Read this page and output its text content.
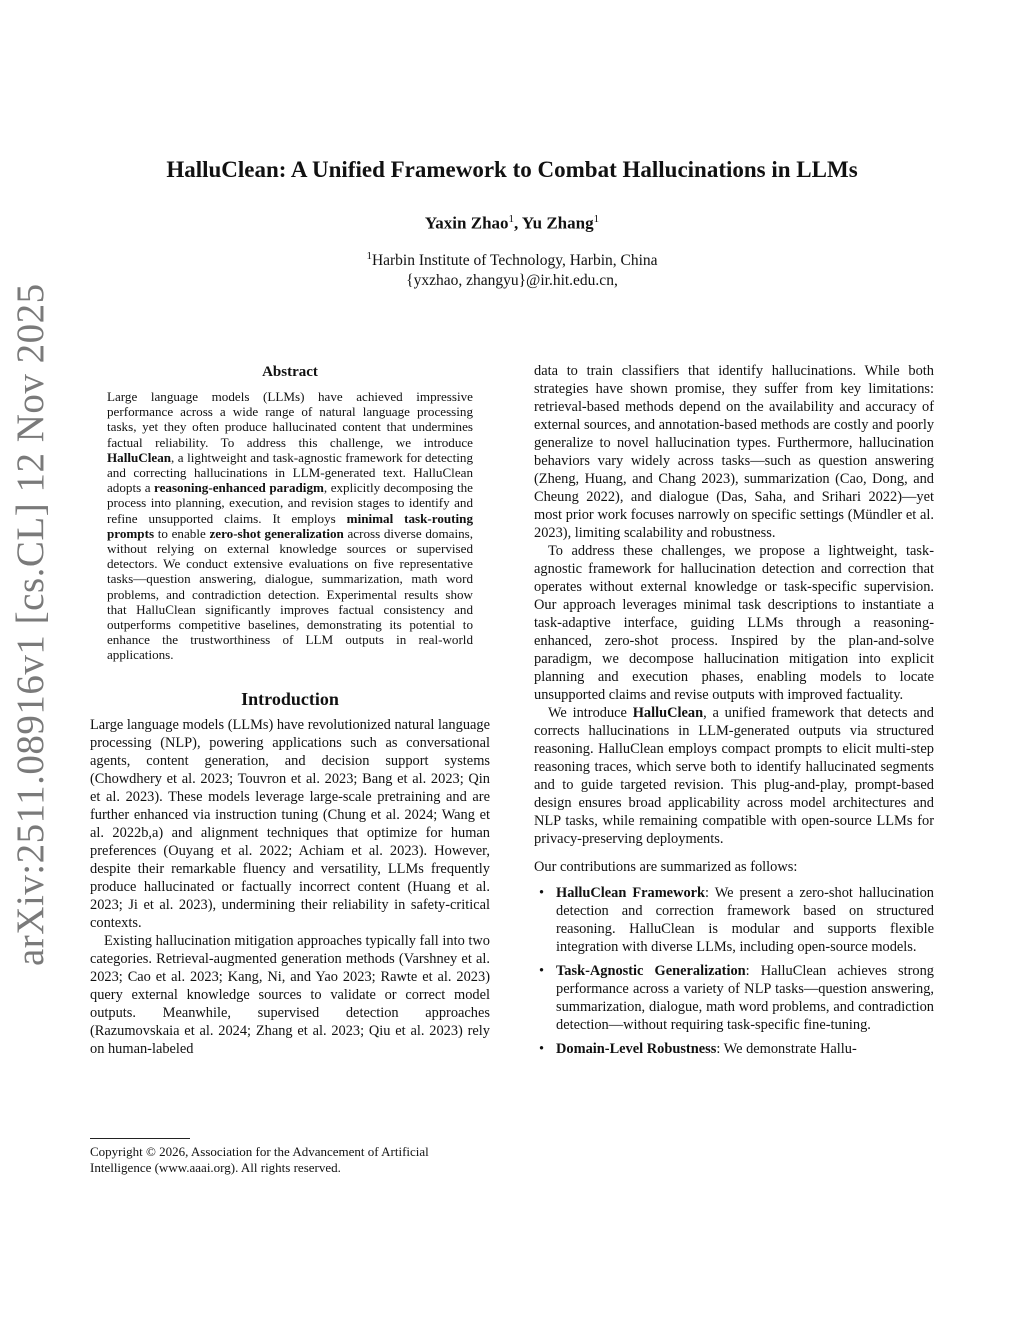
arXiv:2511.08916v1 [cs.CL] 12 Nov 2025
HalluClean: A Unified Framework to Combat Hallucinations in LLMs
Yaxin Zhao$^1$, Yu Zhang$^1$
$^1$Harbin Institute of Technology, Harbin, China
{yxzhao, zhangyu}@ir.hit.edu.cn,
Abstract

Large language models (LLMs) have achieved impressive performance across a wide range of natural language processing tasks, yet they often produce hallucinated content that undermines factual reliability. To address this challenge, we introduce HalluClean, a lightweight and task-agnostic framework for detecting and correcting hallucinations in LLM-generated text. HalluClean adopts a reasoning-enhanced paradigm, explicitly decomposing the process into planning, execution, and revision stages to identify and refine unsupported claims. It employs minimal task-routing prompts to enable zero-shot generalization across diverse domains, without relying on external knowledge sources or supervised detectors. We conduct extensive evaluations on five representative tasks—question answering, dialogue, summarization, math word problems, and contradiction detection. Experimental results show that HalluClean significantly improves factual consistency and outperforms competitive baselines, demonstrating its potential to enhance the trustworthiness of LLM outputs in real-world applications.

Introduction

Large language models (LLMs) have revolutionized natural language processing (NLP), powering applications such as conversational agents, content generation, and decision support systems (Chowdhery et al. 2023; Touvron et al. 2023; Bang et al. 2023; Qin et al. 2023). These models leverage large-scale pretraining and are further enhanced via instruction tuning (Chung et al. 2024; Wang et al. 2022b,a) and alignment techniques that optimize for human preferences (Ouyang et al. 2022; Achiam et al. 2023). However, despite their remarkable fluency and versatility, LLMs frequently produce hallucinated or factually incorrect content (Huang et al. 2023; Ji et al. 2023), undermining their reliability in safety-critical contexts.

Existing hallucination mitigation approaches typically fall into two categories. Retrieval-augmented generation methods (Varshney et al. 2023; Cao et al. 2023; Kang, Ni, and Yao 2023; Rawte et al. 2023) query external knowledge sources to validate or correct model outputs. Meanwhile, supervised detection approaches (Razumovskaia et al. 2024; Zhang et al. 2023; Qiu et al. 2023) rely on human-labeled

Copyright © 2026, Association for the Advancement of Artificial Intelligence (www.aaai.org). All rights reserved.

data to train classifiers that identify hallucinations. While both strategies have shown promise, they suffer from key limitations: retrieval-based methods depend on the availability and accuracy of external sources, and annotation-based methods are costly and poorly generalize to novel hallucination types. Furthermore, hallucination behaviors vary widely across tasks—such as question answering (Zheng, Huang, and Chang 2023), summarization (Cao, Dong, and Cheung 2022), and dialogue (Das, Saha, and Srihari 2022)—yet most prior work focuses narrowly on specific settings (Mündler et al. 2023), limiting scalability and robustness.

To address these challenges, we propose a lightweight, task-agnostic framework for hallucination detection and correction that operates without external knowledge or task-specific supervision. Our approach leverages minimal task descriptions to instantiate a task-adaptive interface, guiding LLMs through a reasoning-enhanced, zero-shot process. Inspired by the plan-and-solve paradigm, we decompose hallucination mitigation into explicit planning and execution phases, enabling models to locate unsupported claims and revise outputs with improved factuality.

We introduce HalluClean, a unified framework that detects and corrects hallucinations in LLM-generated outputs via structured reasoning. HalluClean employs compact prompts to elicit multi-step reasoning traces, which serve both to identify hallucinated segments and to guide targeted revision. This plug-and-play, prompt-based design ensures broad applicability across model architectures and NLP tasks, while remaining compatible with open-source LLMs for privacy-preserving deployments.

Our contributions are summarized as follows:

• HalluClean Framework: We present a zero-shot hallucination detection and correction framework based on structured reasoning. HalluClean is modular and supports flexible integration with diverse LLMs, including open-source models.
• Task-Agnostic Generalization: HalluClean achieves strong performance across a variety of NLP tasks—question answering, summarization, dialogue, math word problems, and contradiction detection—without requiring task-specific fine-tuning.
• Domain-Level Robustness: We demonstrate Hallu-
